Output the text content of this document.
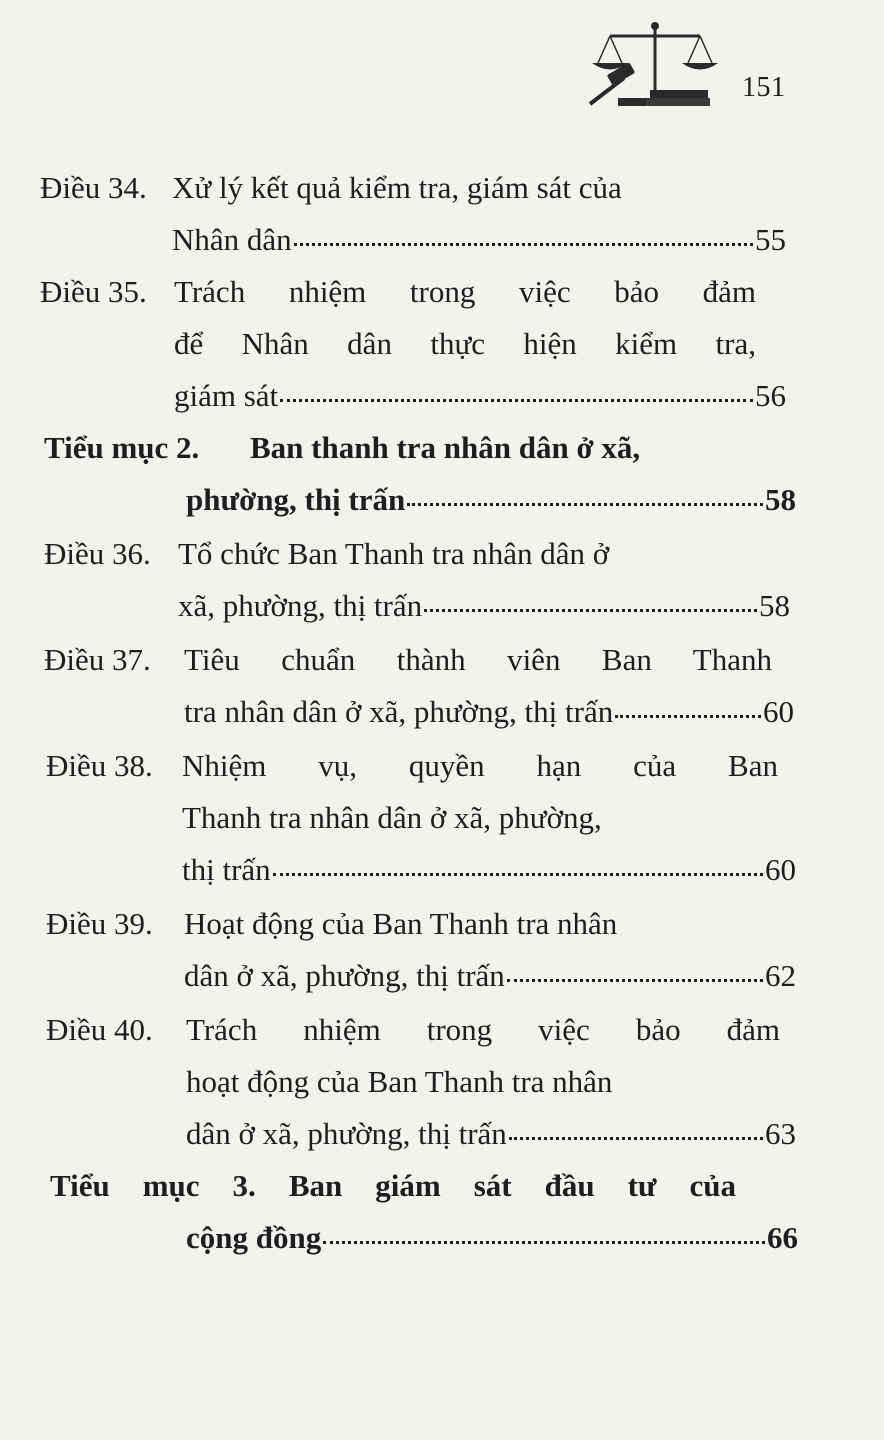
151
Điều 34. Xử lý kết quả kiểm tra, giám sát của
Nhân dân	55
Điều 35. Trách nhiệm trong việc bảo đảm
để Nhân dân thực hiện kiểm tra,
giám sát	56
Tiểu mục 2. Ban thanh tra nhân dân ở xã,
phường, thị trấn	58
Điều 36. Tổ chức Ban Thanh tra nhân dân ở
xã, phường, thị trấn	58
Điều 37. Tiêu chuẩn thành viên Ban Thanh
tra nhân dân ở xã, phường, thị trấn	60
Điều 38. Nhiệm vụ, quyền hạn của Ban
Thanh tra nhân dân ở xã, phường,
thị trấn	60
Điều 39. Hoạt động của Ban Thanh tra nhân
dân ở xã, phường, thị trấn	62
Điều 40. Trách nhiệm trong việc bảo đảm
hoạt động của Ban Thanh tra nhân
dân ở xã, phường, thị trấn	63
Tiểu mục 3. Ban giám sát đầu tư của
cộng đồng	66
